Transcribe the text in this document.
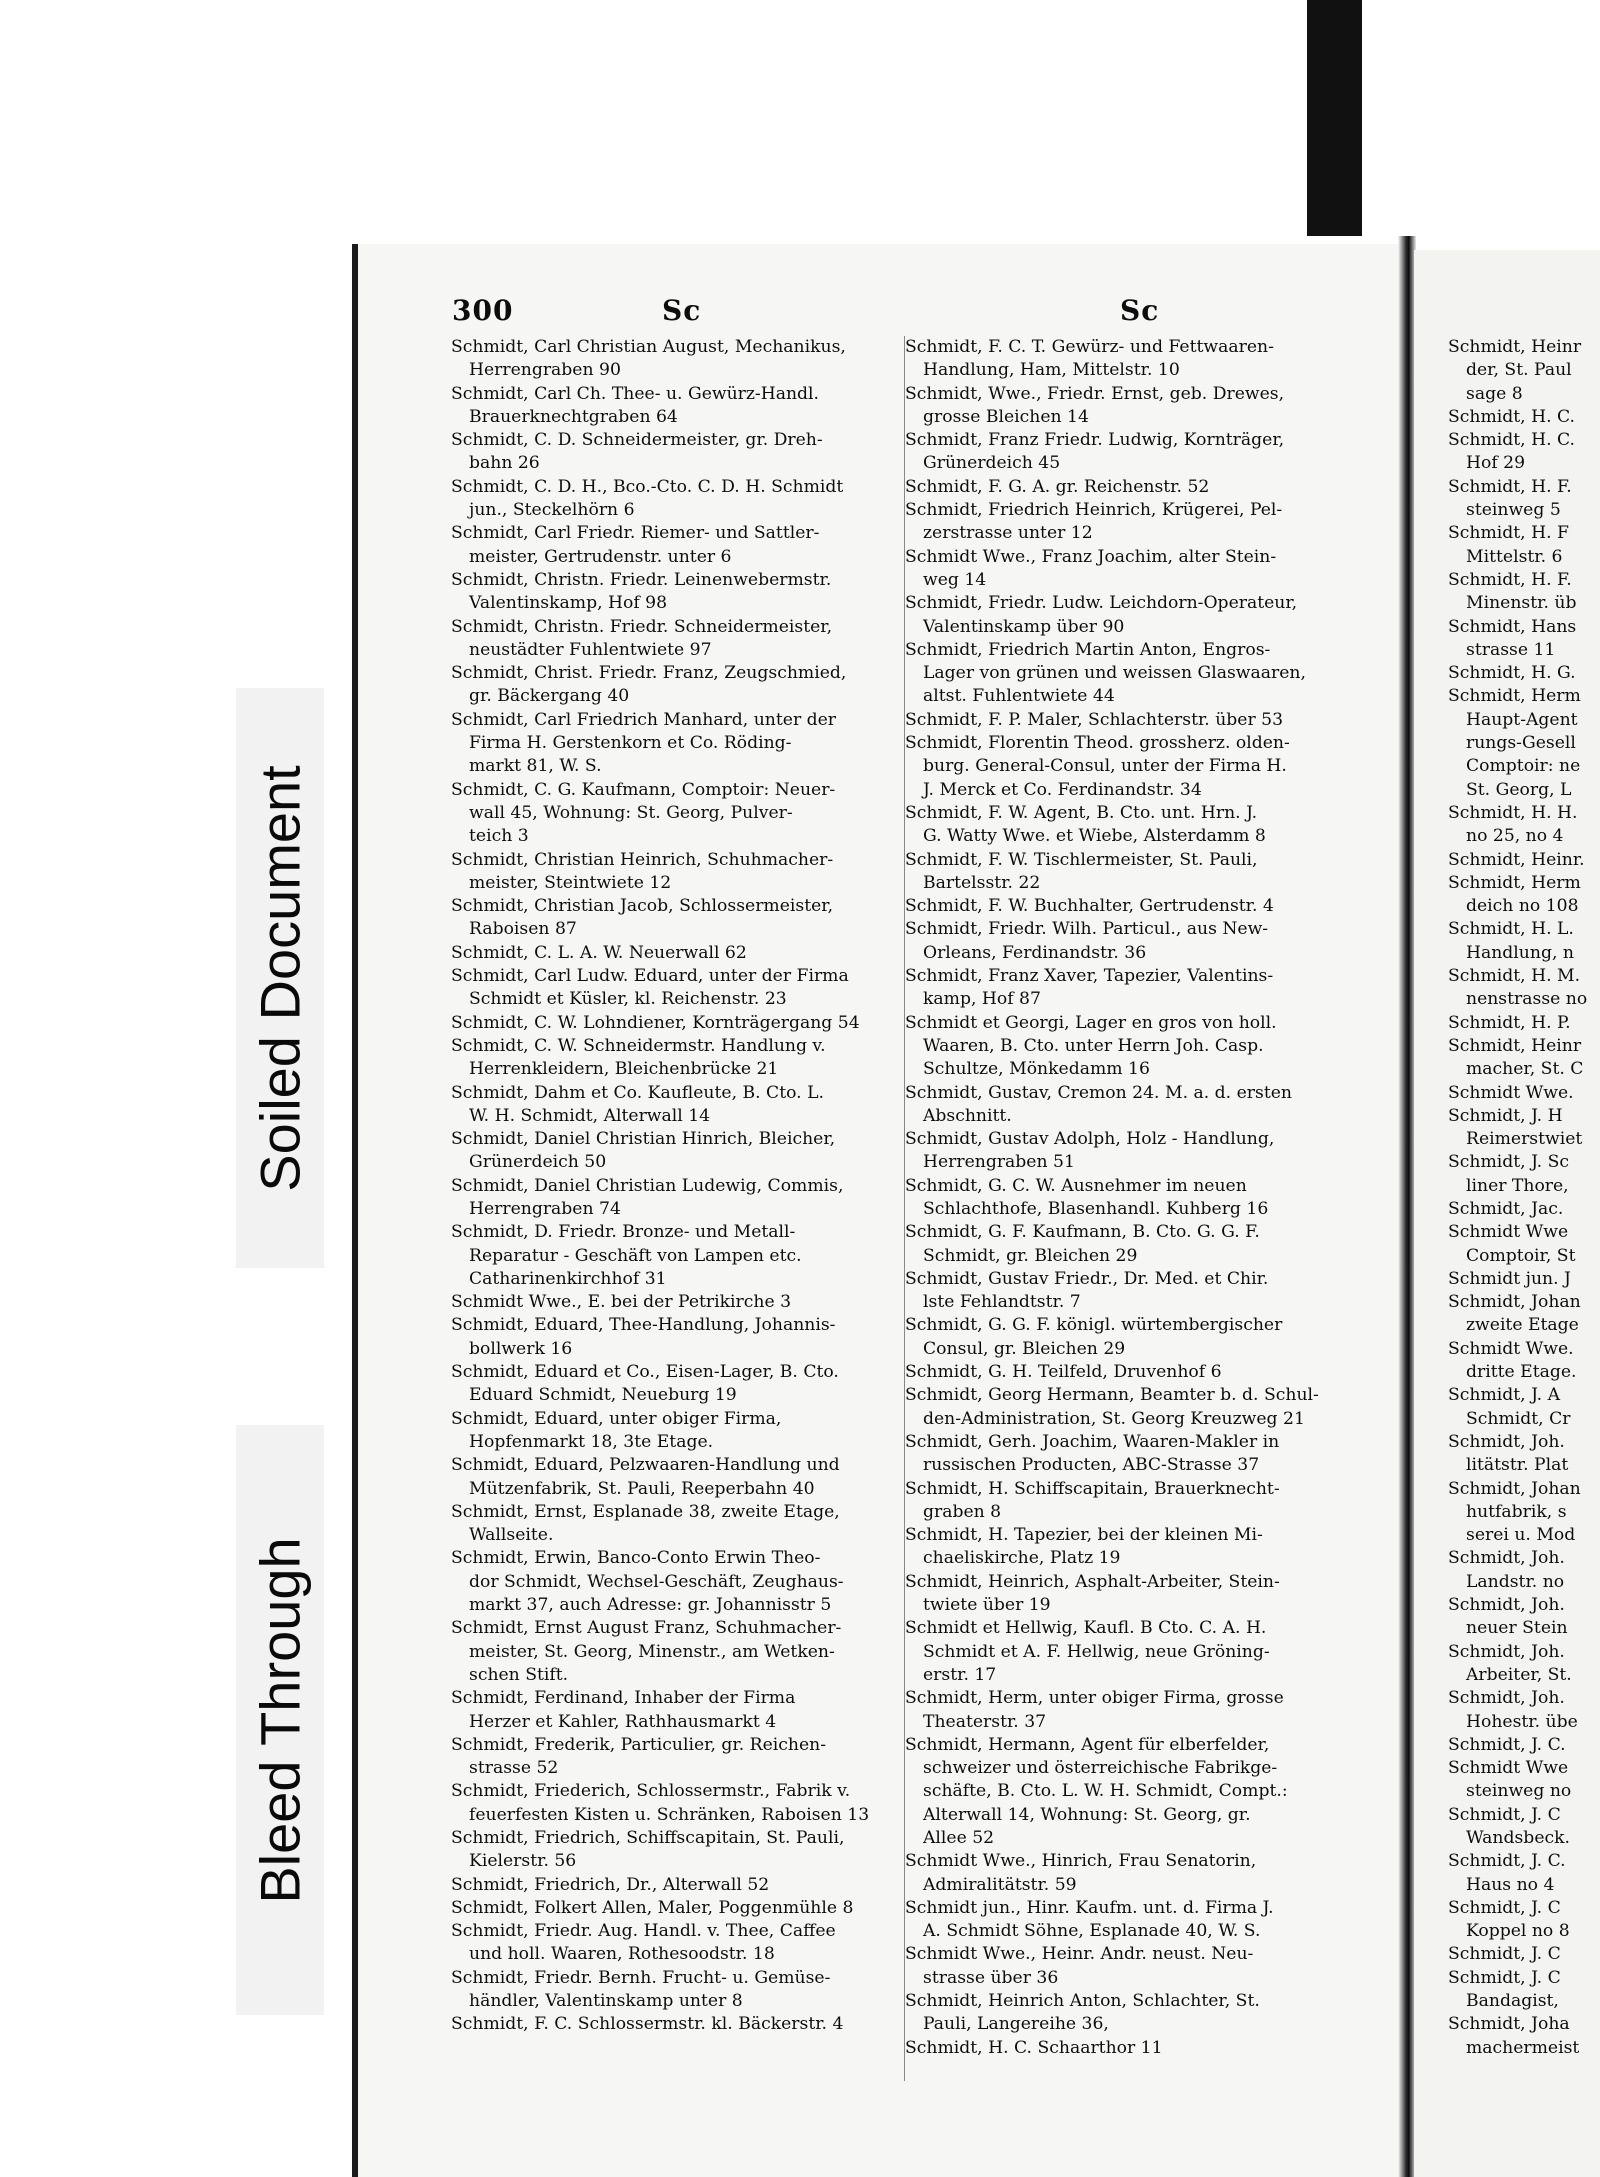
Soiled Document
Bleed Through
300	Sc	Sc
Schmidt, Carl Christian August, Mechanikus,
Herrengraben 90
Schmidt, Carl Ch. Thee- u. Gewürz-Handl.
Brauerknechtgraben 64
Schmidt, C. D. Schneidermeister, gr. Dreh-
bahn 26
Schmidt, C. D. H., Bco.-Cto. C. D. H. Schmidt
jun., Steckelhörn 6
Schmidt, Carl Friedr. Riemer- und Sattler-
meister, Gertrudenstr. unter 6
Schmidt, Christn. Friedr. Leinenwebermstr.
Valentinskamp, Hof 98
Schmidt, Christn. Friedr. Schneidermeister,
neustädter Fuhlentwiete 97
Schmidt, Christ. Friedr. Franz, Zeugschmied,
gr. Bäckergang 40
Schmidt, Carl Friedrich Manhard, unter der
Firma H. Gerstenkorn et Co. Röding-
markt 81, W. S.
Schmidt, C. G. Kaufmann, Comptoir: Neuer-
wall 45, Wohnung: St. Georg, Pulver-
teich 3
Schmidt, Christian Heinrich, Schuhmacher-
meister, Steintwiete 12
Schmidt, Christian Jacob, Schlossermeister,
Raboisen 87
Schmidt, C. L. A. W. Neuerwall 62
Schmidt, Carl Ludw. Eduard, unter der Firma
Schmidt et Küsler, kl. Reichenstr. 23
Schmidt, C. W. Lohndiener, Kornträgergang 54
Schmidt, C. W. Schneidermstr. Handlung v.
Herrenkleidern, Bleichenbrücke 21
Schmidt, Dahm et Co. Kaufleute, B. Cto. L.
W. H. Schmidt, Alterwall 14
Schmidt, Daniel Christian Hinrich, Bleicher,
Grünerdeich 50
Schmidt, Daniel Christian Ludewig, Commis,
Herrengraben 74
Schmidt, D. Friedr. Bronze- und Metall-
Reparatur - Geschäft von Lampen etc.
Catharinenkirchhof 31
Schmidt Wwe., E. bei der Petrikirche 3
Schmidt, Eduard, Thee-Handlung, Johannis-
bollwerk 16
Schmidt, Eduard et Co., Eisen-Lager, B. Cto.
Eduard Schmidt, Neueburg 19
Schmidt, Eduard, unter obiger Firma,
Hopfenmarkt 18, 3te Etage.
Schmidt, Eduard, Pelzwaaren-Handlung und
Mützenfabrik, St. Pauli, Reeperbahn 40
Schmidt, Ernst, Esplanade 38, zweite Etage,
Wallseite.
Schmidt, Erwin, Banco-Conto Erwin Theo-
dor Schmidt, Wechsel-Geschäft, Zeughaus-
markt 37, auch Adresse: gr. Johannisstr 5
Schmidt, Ernst August Franz, Schuhmacher-
meister, St. Georg, Minenstr., am Wetken-
schen Stift.
Schmidt, Ferdinand, Inhaber der Firma
Herzer et Kahler, Rathhausmarkt 4
Schmidt, Frederik, Particulier, gr. Reichen-
strasse 52
Schmidt, Friederich, Schlossermstr., Fabrik v.
feuerfesten Kisten u. Schränken, Raboisen 13
Schmidt, Friedrich, Schiffscapitain, St. Pauli,
Kielerstr. 56
Schmidt, Friedrich, Dr., Alterwall 52
Schmidt, Folkert Allen, Maler, Poggenmühle 8
Schmidt, Friedr. Aug. Handl. v. Thee, Caffee
und holl. Waaren, Rothesoodstr. 18
Schmidt, Friedr. Bernh. Frucht- u. Gemüse-
händler, Valentinskamp unter 8
Schmidt, F. C. Schlossermstr. kl. Bäckerstr. 4
Schmidt, F. C. T. Gewürz- und Fettwaaren-
Handlung, Ham, Mittelstr. 10
Schmidt, Wwe., Friedr. Ernst, geb. Drewes,
grosse Bleichen 14
Schmidt, Franz Friedr. Ludwig, Kornträger,
Grünerdeich 45
Schmidt, F. G. A. gr. Reichenstr. 52
Schmidt, Friedrich Heinrich, Krügerei, Pel-
zerstrasse unter 12
Schmidt Wwe., Franz Joachim, alter Stein-
weg 14
Schmidt, Friedr. Ludw. Leichdorn-Operateur,
Valentinskamp über 90
Schmidt, Friedrich Martin Anton, Engros-
Lager von grünen und weissen Glaswaaren,
altst. Fuhlentwiete 44
Schmidt, F. P. Maler, Schlachterstr. über 53
Schmidt, Florentin Theod. grossherz. olden-
burg. General-Consul, unter der Firma H.
J. Merck et Co. Ferdinandstr. 34
Schmidt, F. W. Agent, B. Cto. unt. Hrn. J.
G. Watty Wwe. et Wiebe, Alsterdamm 8
Schmidt, F. W. Tischlermeister, St. Pauli,
Bartelsstr. 22
Schmidt, F. W. Buchhalter, Gertrudenstr. 4
Schmidt, Friedr. Wilh. Particul., aus New-
Orleans, Ferdinandstr. 36
Schmidt, Franz Xaver, Tapezier, Valentins-
kamp, Hof 87
Schmidt et Georgi, Lager en gros von holl.
Waaren, B. Cto. unter Herrn Joh. Casp.
Schultze, Mönkedamm 16
Schmidt, Gustav, Cremon 24. M. a. d. ersten
Abschnitt.
Schmidt, Gustav Adolph, Holz - Handlung,
Herrengraben 51
Schmidt, G. C. W. Ausnehmer im neuen
Schlachthofe, Blasenhandl. Kuhberg 16
Schmidt, G. F. Kaufmann, B. Cto. G. G. F.
Schmidt, gr. Bleichen 29
Schmidt, Gustav Friedr., Dr. Med. et Chir.
lste Fehlandtstr. 7
Schmidt, G. G. F. königl. würtembergischer
Consul, gr. Bleichen 29
Schmidt, G. H. Teilfeld, Druvenhof 6
Schmidt, Georg Hermann, Beamter b. d. Schul-
den-Administration, St. Georg Kreuzweg 21
Schmidt, Gerh. Joachim, Waaren-Makler in
russischen Producten, ABC-Strasse 37
Schmidt, H. Schiffscapitain, Brauerknecht-
graben 8
Schmidt, H. Tapezier, bei der kleinen Mi-
chaeliskirche, Platz 19
Schmidt, Heinrich, Asphalt-Arbeiter, Stein-
twiete über 19
Schmidt et Hellwig, Kaufl. B Cto. C. A. H.
Schmidt et A. F. Hellwig, neue Gröning-
erstr. 17
Schmidt, Herm, unter obiger Firma, grosse
Theaterstr. 37
Schmidt, Hermann, Agent für elberfelder,
schweizer und österreichische Fabrikge-
schäfte, B. Cto. L. W. H. Schmidt, Compt.:
Alterwall 14, Wohnung: St. Georg, gr.
Allee 52
Schmidt Wwe., Hinrich, Frau Senatorin,
Admiralitätstr. 59
Schmidt jun., Hinr. Kaufm. unt. d. Firma J.
A. Schmidt Söhne, Esplanade 40, W. S.
Schmidt Wwe., Heinr. Andr. neust. Neu-
strasse über 36
Schmidt, Heinrich Anton, Schlachter, St.
Pauli, Langereihe 36,
Schmidt, H. C. Schaarthor 11
Schmidt, Heinr
der, St. Paul
sage 8
Schmidt, H. C.
Schmidt, H. C.
Hof 29
Schmidt, H. F.
steinweg 5
Schmidt, H. F
Mittelstr. 6
Schmidt, H. F.
Minenstr. üb
Schmidt, Hans
strasse 11
Schmidt, H. G.
Schmidt, Herm
Haupt-Agent
rungs-Gesell
Comptoir: ne
St. Georg, L
Schmidt, H. H.
no 25, no 4
Schmidt, Heinr.
Schmidt, Herm
deich no 108
Schmidt, H. L.
Handlung, n
Schmidt, H. M.
nenstrasse no
Schmidt, H. P.
Schmidt, Heinr
macher, St. C
Schmidt Wwe.
Schmidt, J. H
Reimerstwiet
Schmidt, J. Sc
liner Thore,
Schmidt, Jac.
Schmidt Wwe
Comptoir, St
Schmidt jun. J
Schmidt, Johan
zweite Etage
Schmidt Wwe.
dritte Etage.
Schmidt, J. A
Schmidt, Cr
Schmidt, Joh.
litätstr. Plat
Schmidt, Johan
hutfabrik, s
serei u. Mod
Schmidt, Joh.
Landstr. no
Schmidt, Joh.
neuer Stein
Schmidt, Joh.
Arbeiter, St.
Schmidt, Joh.
Hohestr. übe
Schmidt, J. C.
Schmidt Wwe
steinweg no
Schmidt, J. C
Wandsbeck.
Schmidt, J. C.
Haus no 4
Schmidt, J. C
Koppel no 8
Schmidt, J. C
Schmidt, J. C
Bandagist,
Schmidt, Joha
machermeist
